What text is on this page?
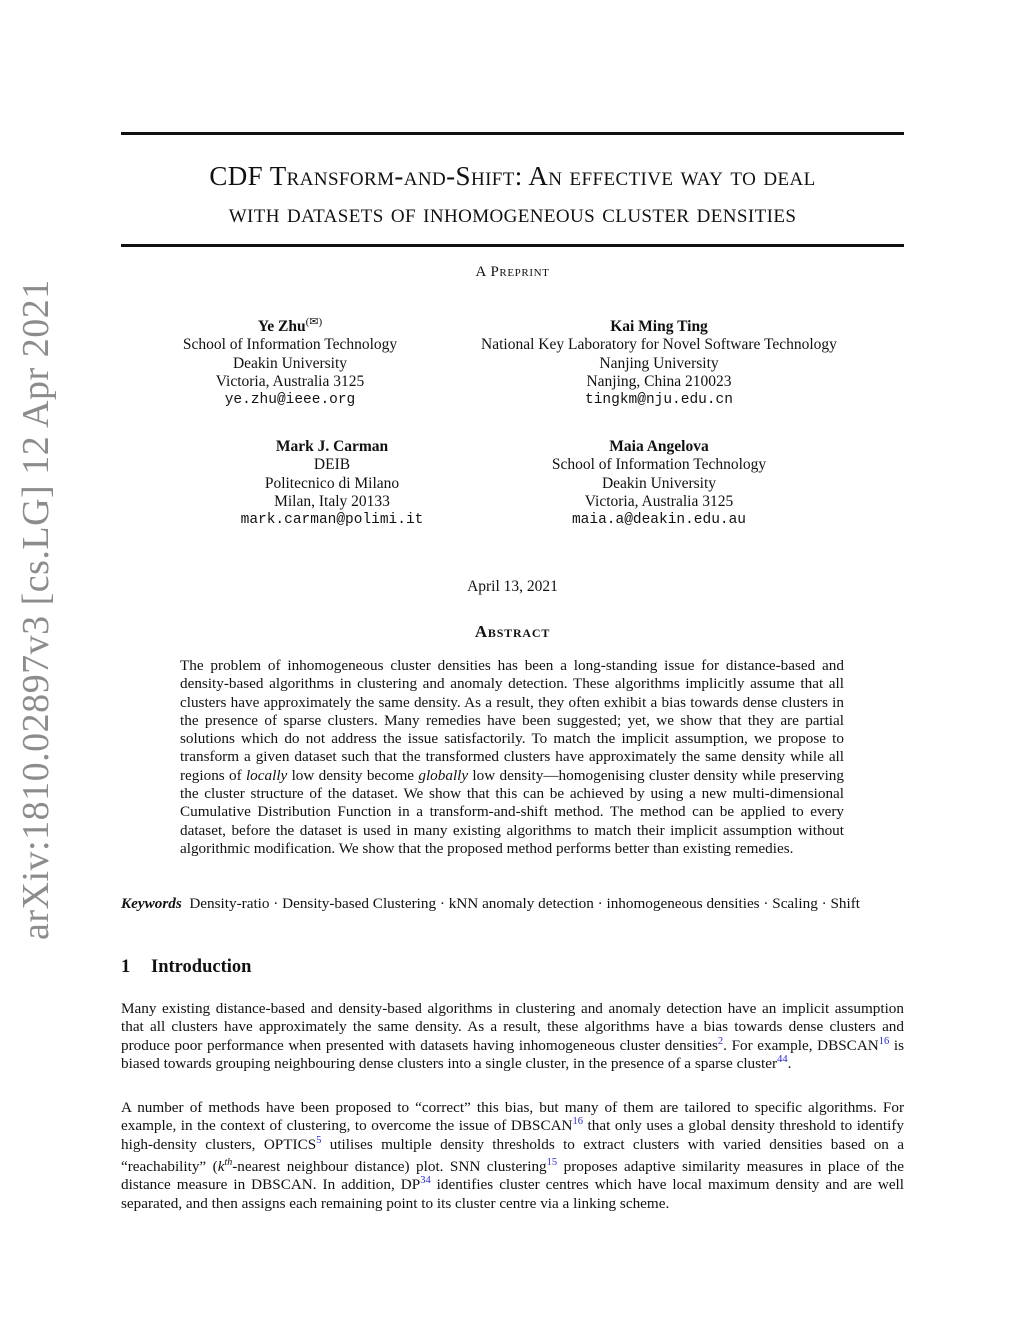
arXiv:1810.02897v3 [cs.LG] 12 Apr 2021
CDF Transform-and-Shift: An effective way to deal
with datasets of inhomogeneous cluster densities
A Preprint
Ye Zhu(✉)
School of Information Technology
Deakin University
Victoria, Australia 3125
ye.zhu@ieee.org
Kai Ming Ting
National Key Laboratory for Novel Software Technology
Nanjing University
Nanjing, China 210023
tingkm@nju.edu.cn
Mark J. Carman
DEIB
Politecnico di Milano
Milan, Italy 20133
mark.carman@polimi.it
Maia Angelova
School of Information Technology
Deakin University
Victoria, Australia 3125
maia.a@deakin.edu.au
April 13, 2021
Abstract

The problem of inhomogeneous cluster densities has been a long-standing issue for distance-based and density-based algorithms in clustering and anomaly detection. These algorithms implicitly assume that all clusters have approximately the same density. As a result, they often exhibit a bias towards dense clusters in the presence of sparse clusters. Many remedies have been suggested; yet, we show that they are partial solutions which do not address the issue satisfactorily. To match the implicit assumption, we propose to transform a given dataset such that the transformed clusters have approximately the same density while all regions of locally low density become globally low density—homogenising cluster density while preserving the cluster structure of the dataset. We show that this can be achieved by using a new multi-dimensional Cumulative Distribution Function in a transform-and-shift method. The method can be applied to every dataset, before the dataset is used in many existing algorithms to match their implicit assumption without algorithmic modification. We show that the proposed method performs better than existing remedies.

Keywords Density-ratio · Density-based Clustering · kNN anomaly detection · inhomogeneous densities · Scaling · Shift

1 Introduction

Many existing distance-based and density-based algorithms in clustering and anomaly detection have an implicit assumption that all clusters have approximately the same density. As a result, these algorithms have a bias towards dense clusters and produce poor performance when presented with datasets having inhomogeneous cluster densities$^2$. For example, DBSCAN$^{16}$ is biased towards grouping neighbouring dense clusters into a single cluster, in the presence of a sparse cluster$^{44}$.

A number of methods have been proposed to “correct” this bias, but many of them are tailored to specific algorithms. For example, in the context of clustering, to overcome the issue of DBSCAN$^{16}$ that only uses a global density threshold to identify high-density clusters, OPTICS$^5$ utilises multiple density thresholds to extract clusters with varied densities based on a “reachability” ($k^{th}$-nearest neighbour distance) plot. SNN clustering$^{15}$ proposes adaptive similarity measures in place of the distance measure in DBSCAN. In addition, DP$^{34}$ identifies cluster centres which have local maximum density and are well separated, and then assigns each remaining point to its cluster centre via a linking scheme.
